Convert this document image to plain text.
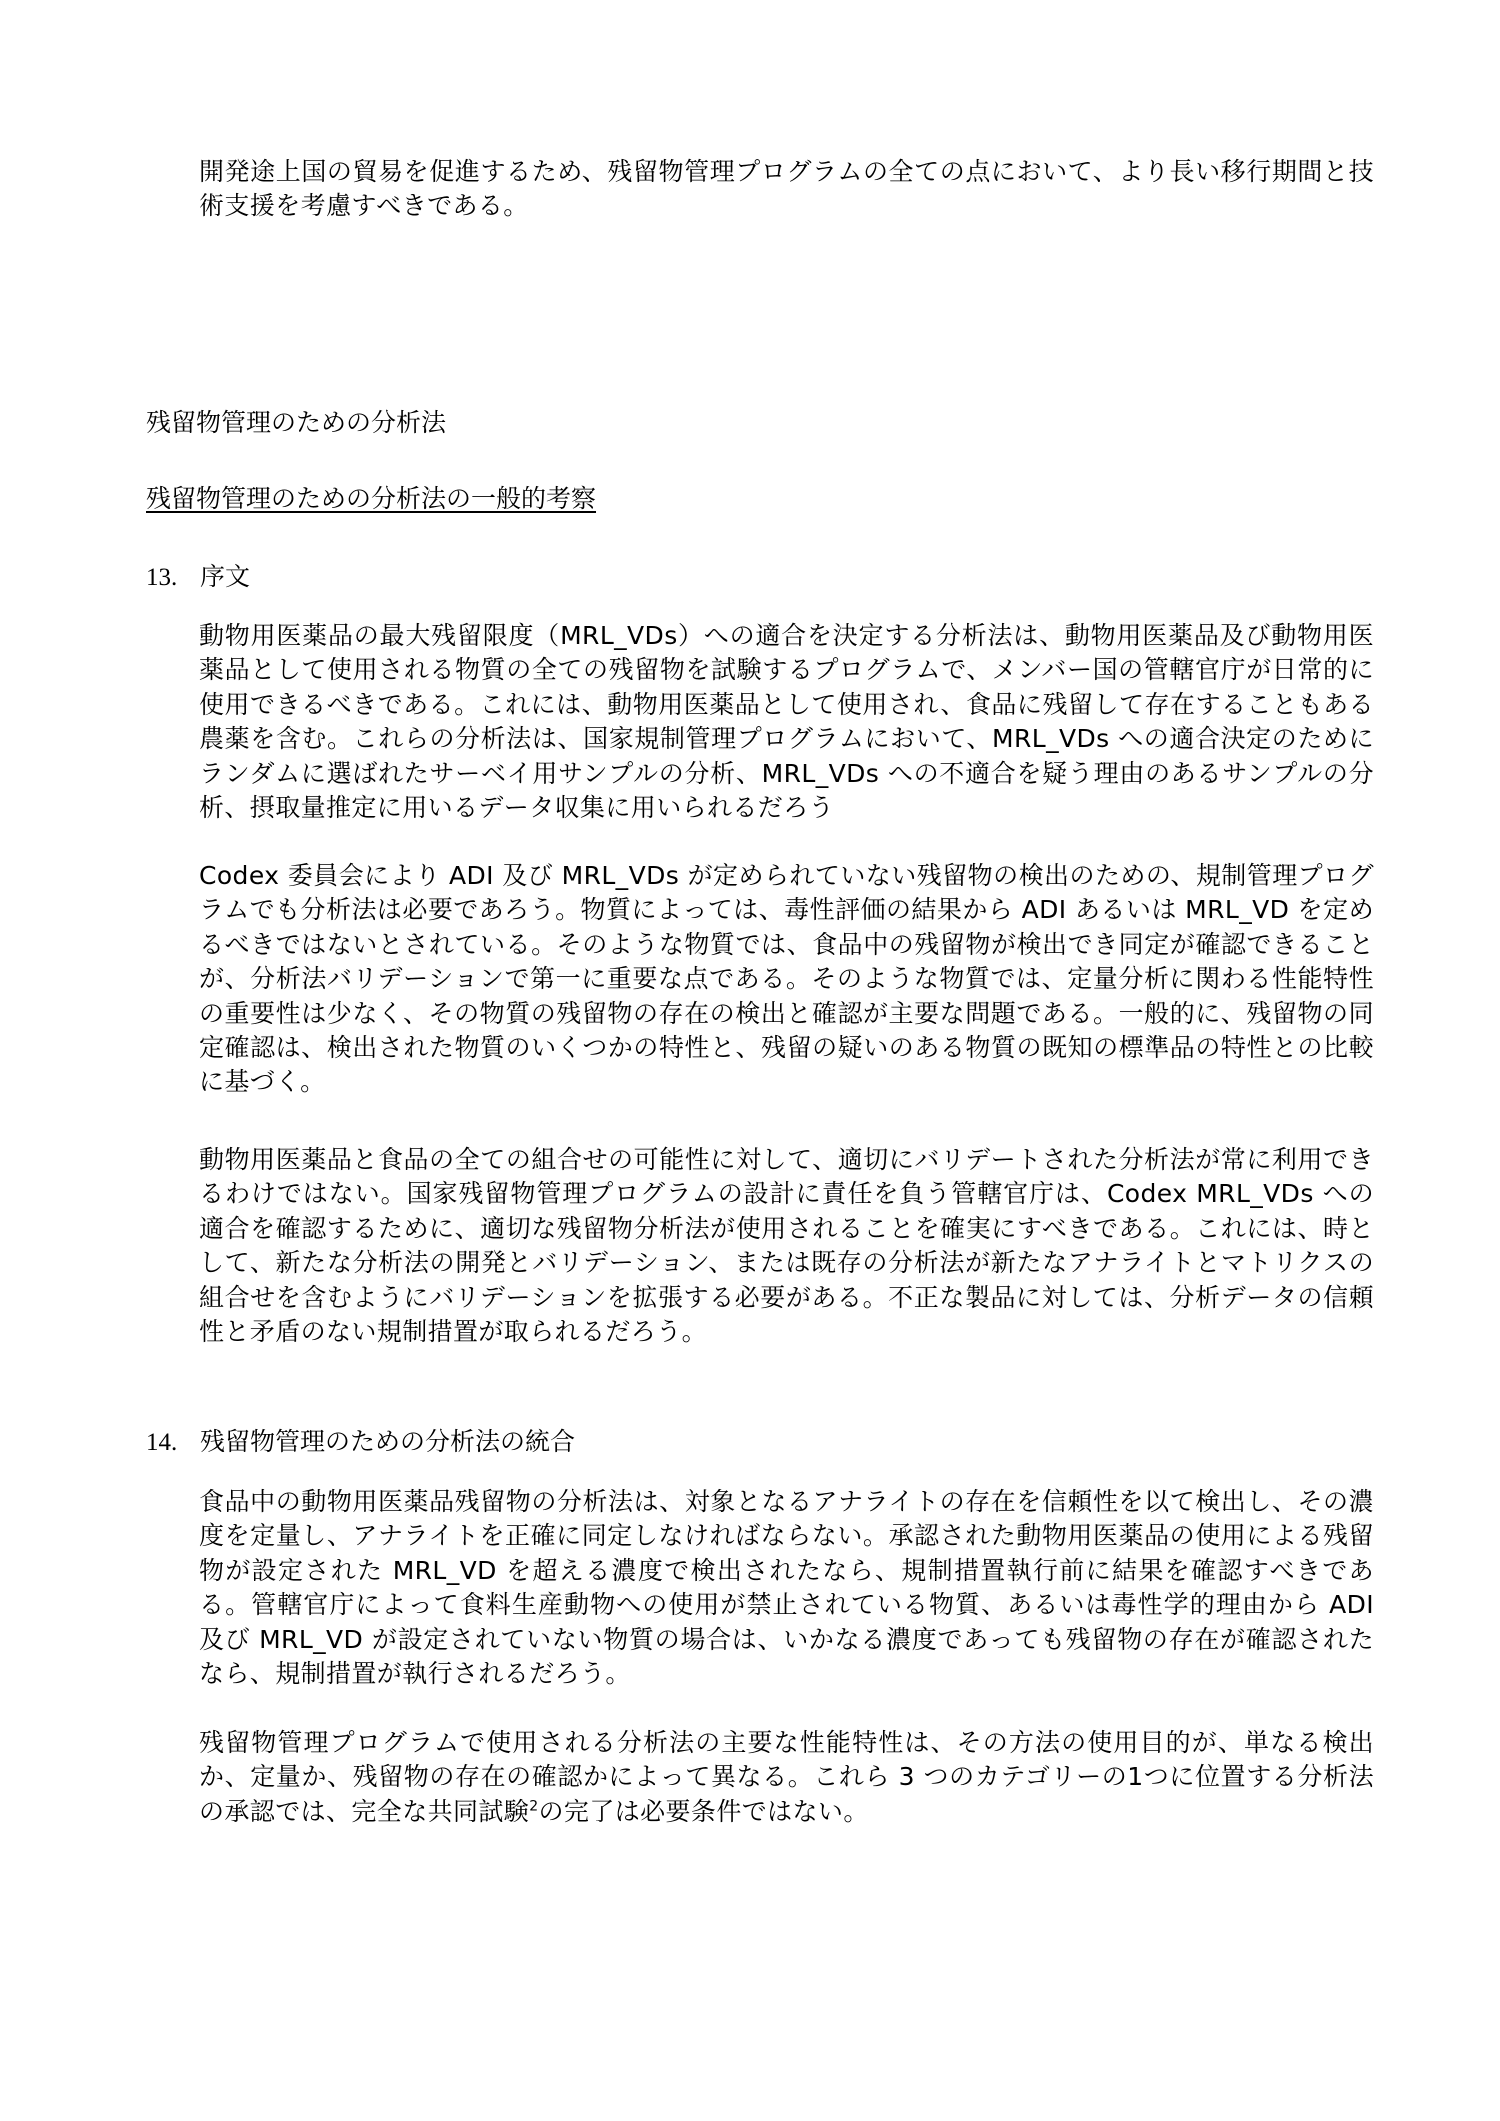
開発途上国の貿易を促進するため、残留物管理プログラムの全ての点において、より長い移行期間と技術支援を考慮すべきである。

残留物管理のための分析法

残留物管理のための分析法の一般的考察

13. 序文

動物用医薬品の最大残留限度（MRL_VDs）への適合を決定する分析法は、動物用医薬品及び動物用医薬品として使用される物質の全ての残留物を試験するプログラムで、メンバー国の管轄官庁が日常的に使用できるべきである。これには、動物用医薬品として使用され、食品に残留して存在することもある農薬を含む。これらの分析法は、国家規制管理プログラムにおいて、MRL_VDs への適合決定のためにランダムに選ばれたサーベイ用サンプルの分析、MRL_VDs への不適合を疑う理由のあるサンプルの分析、摂取量推定に用いるデータ収集に用いられるだろう

Codex 委員会により ADI 及び MRL_VDs が定められていない残留物の検出のための、規制管理プログラムでも分析法は必要であろう。物質によっては、毒性評価の結果から ADI あるいは MRL_VD を定めるべきではないとされている。そのような物質では、食品中の残留物が検出でき同定が確認できることが、分析法バリデーションで第一に重要な点である。そのような物質では、定量分析に関わる性能特性の重要性は少なく、その物質の残留物の存在の検出と確認が主要な問題である。一般的に、残留物の同定確認は、検出された物質のいくつかの特性と、残留の疑いのある物質の既知の標準品の特性との比較に基づく。

動物用医薬品と食品の全ての組合せの可能性に対して、適切にバリデートされた分析法が常に利用できるわけではない。国家残留物管理プログラムの設計に責任を負う管轄官庁は、Codex MRL_VDs への適合を確認するために、適切な残留物分析法が使用されることを確実にすべきである。これには、時として、新たな分析法の開発とバリデーション、または既存の分析法が新たなアナライトとマトリクスの組合せを含むようにバリデーションを拡張する必要がある。不正な製品に対しては、分析データの信頼性と矛盾のない規制措置が取られるだろう。

14. 残留物管理のための分析法の統合

食品中の動物用医薬品残留物の分析法は、対象となるアナライトの存在を信頼性を以て検出し、その濃度を定量し、アナライトを正確に同定しなければならない。承認された動物用医薬品の使用による残留物が設定された MRL_VD を超える濃度で検出されたなら、規制措置執行前に結果を確認すべきである。管轄官庁によって食料生産動物への使用が禁止されている物質、あるいは毒性学的理由から ADI 及び MRL_VD が設定されていない物質の場合は、いかなる濃度であっても残留物の存在が確認されたなら、規制措置が執行されるだろう。

残留物管理プログラムで使用される分析法の主要な性能特性は、その方法の使用目的が、単なる検出か、定量か、残留物の存在の確認かによって異なる。これら 3 つのカテゴリーの1つに位置する分析法の承認では、完全な共同試験$^2$の完了は必要条件ではない。
